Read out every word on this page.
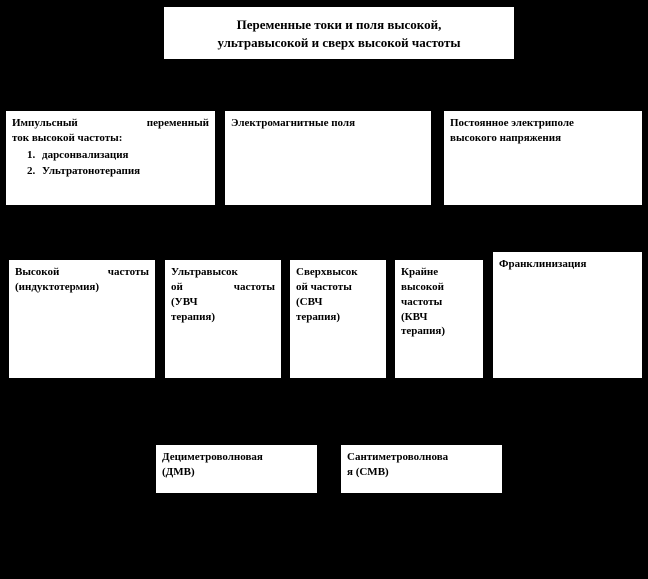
Переменные токи и поля высокой,
ультравысокой и сверх высокой частоты
Импульсный переменный
ток высокой частоты:
1. дарсонвализация
2. Ультратонотерапия
Электромагнитные поля	Постоянное электриполе
высокого напряжения
Высокой частоты
(индуктотермия)
Ультравысок
ой частоты
(УВЧ
терапия)
Сверхвысок
ой частоты
(СВЧ
терапия)
Крайне
высокой
частоты
(КВЧ
терапия)
Франклинизация
Дециметроволновая
(ДМВ)
Сантиметроволнова
я (СМВ)
